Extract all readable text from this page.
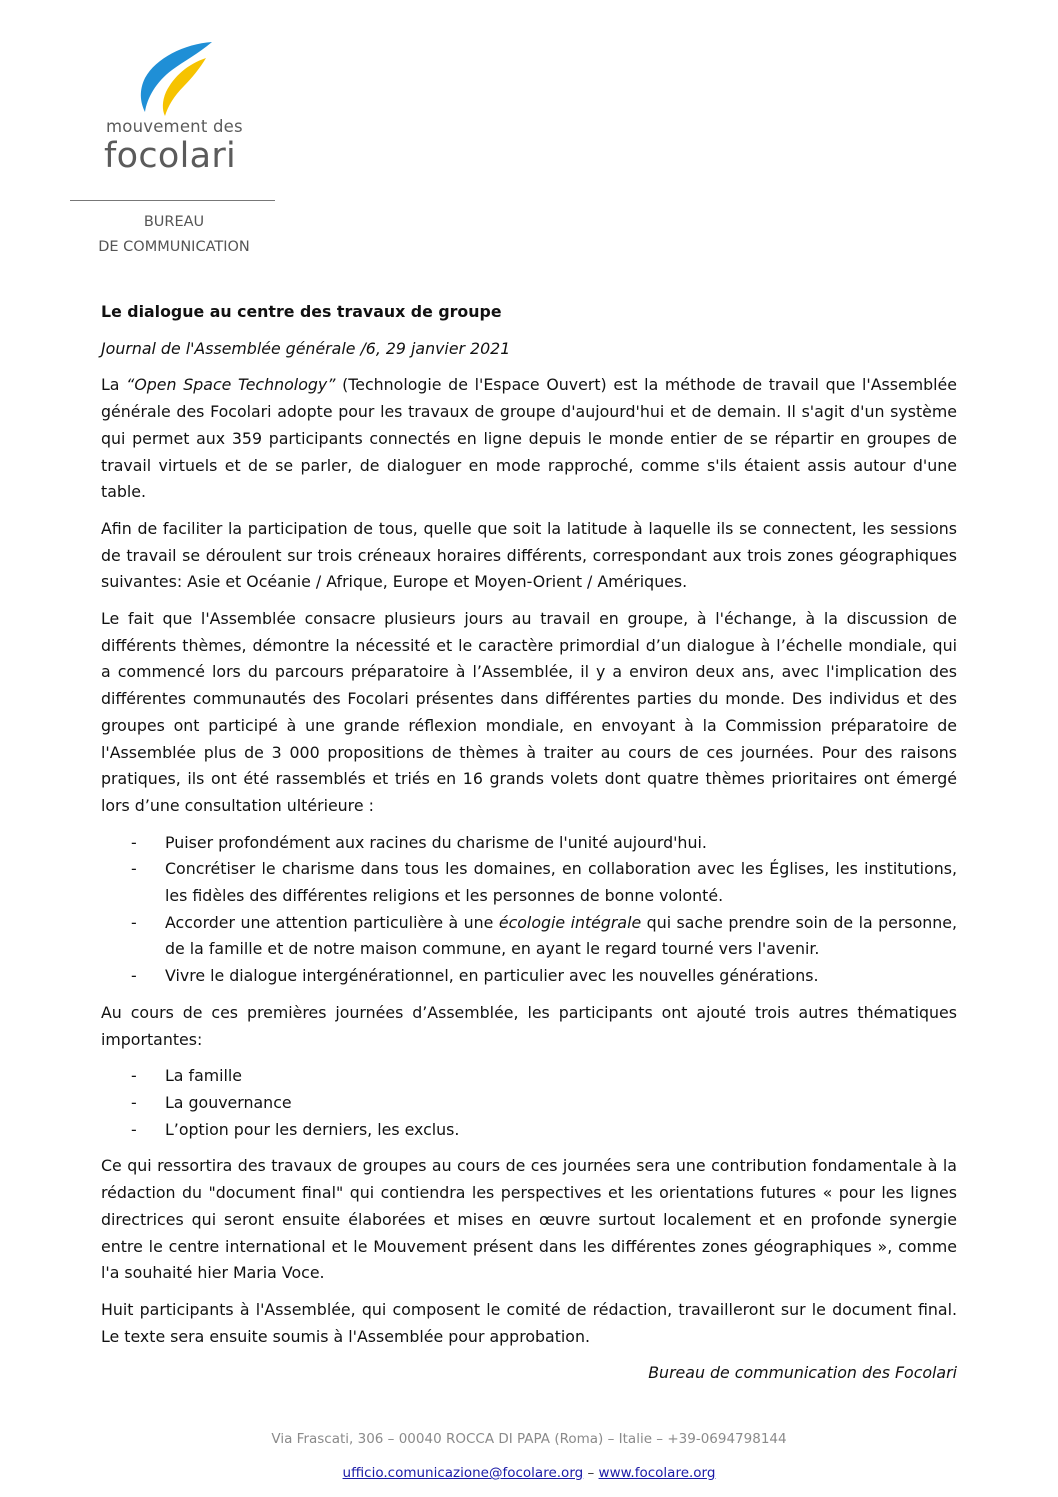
mouvement des
focolari
BUREAU
DE COMMUNICATION

Le dialogue au centre des travaux de groupe

Journal de l'Assemblée générale /6, 29 janvier 2021

La “Open Space Technology” (Technologie de l'Espace Ouvert) est la méthode de travail que l'Assemblée générale des Focolari adopte pour les travaux de groupe d'aujourd'hui et de demain. Il s'agit d'un système qui permet aux 359 participants connectés en ligne depuis le monde entier de se répartir en groupes de travail virtuels et de se parler, de dialoguer en mode rapproché, comme s'ils étaient assis autour d'une table.

Afin de faciliter la participation de tous, quelle que soit la latitude à laquelle ils se connectent, les sessions de travail se déroulent sur trois créneaux horaires différents, correspondant aux trois zones géographiques suivantes: Asie et Océanie / Afrique, Europe et Moyen-Orient / Amériques.

Le fait que l'Assemblée consacre plusieurs jours au travail en groupe, à l'échange, à la discussion de différents thèmes, démontre la nécessité et le caractère primordial d’un dialogue à l’échelle mondiale, qui a commencé lors du parcours préparatoire à l’Assemblée, il y a environ deux ans, avec l'implication des différentes communautés des Focolari présentes dans différentes parties du monde. Des individus et des groupes ont participé à une grande réflexion mondiale, en envoyant à la Commission préparatoire de l'Assemblée plus de 3 000 propositions de thèmes à traiter au cours de ces journées. Pour des raisons pratiques, ils ont été rassemblés et triés en 16 grands volets dont quatre thèmes prioritaires ont émergé lors d’une consultation ultérieure :

- Puiser profondément aux racines du charisme de l'unité aujourd'hui.
- Concrétiser le charisme dans tous les domaines, en collaboration avec les Églises, les institutions, les fidèles des différentes religions et les personnes de bonne volonté.
- Accorder une attention particulière à une écologie intégrale qui sache prendre soin de la personne, de la famille et de notre maison commune, en ayant le regard tourné vers l'avenir.
- Vivre le dialogue intergénérationnel, en particulier avec les nouvelles générations.

Au cours de ces premières journées d’Assemblée, les participants ont ajouté trois autres thématiques importantes:

- La famille
- La gouvernance
- L’option pour les derniers, les exclus.

Ce qui ressortira des travaux de groupes au cours de ces journées sera une contribution fondamentale à la rédaction du "document final" qui contiendra les perspectives et les orientations futures « pour les lignes directrices qui seront ensuite élaborées et mises en œuvre surtout localement et en profonde synergie entre le centre international et le Mouvement présent dans les différentes zones géographiques », comme l'a souhaité hier Maria Voce.

Huit participants à l'Assemblée, qui composent le comité de rédaction, travailleront sur le document final. Le texte sera ensuite soumis à l'Assemblée pour approbation.

Bureau de communication des Focolari

Via Frascati, 306 – 00040 ROCCA DI PAPA (Roma) – Italie – +39-0694798144
ufficio.comunicazione@focolare.org – www.focolare.org
